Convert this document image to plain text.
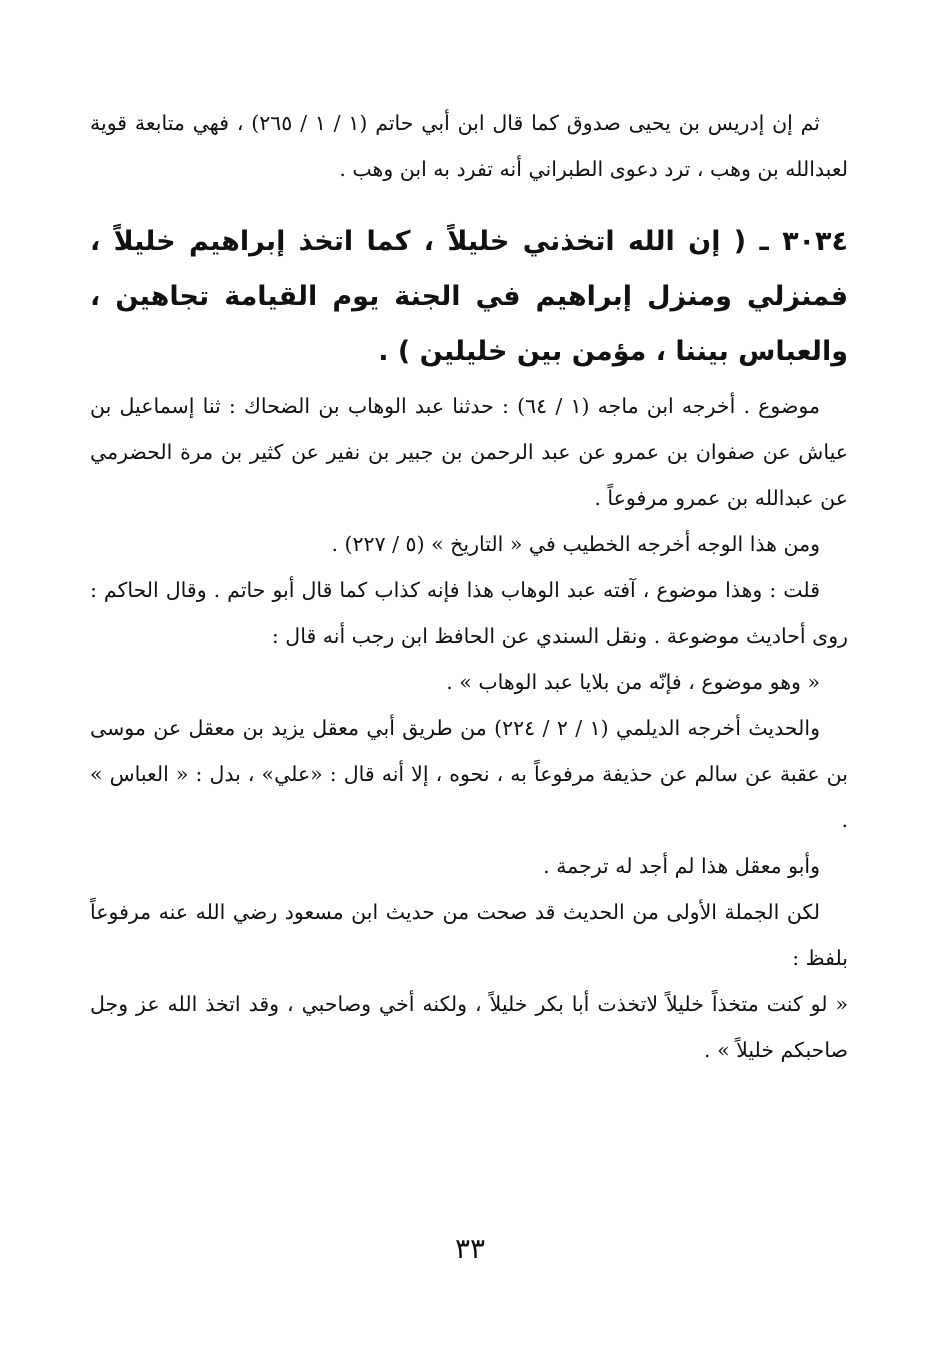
ثم إن إدريس بن يحيى صدوق كما قال ابن أبي حاتم (١ / ١ / ٢٦٥) ، فهي متابعة قوية لعبدالله بن وهب ، ترد دعوى الطبراني أنه تفرد به ابن وهب .

٣٠٣٤ ـ ( إن الله اتخذني خليلاً ، كما اتخذ إبراهيم خليلاً ، فمنزلي ومنزل إبراهيم في الجنة يوم القيامة تجاهين ، والعباس بيننا ، مؤمن بين خليلين ) .

موضوع . أخرجه ابن ماجه (١ / ٦٤) : حدثنا عبد الوهاب بن الضحاك : ثنا إسماعيل بن عياش عن صفوان بن عمرو عن عبد الرحمن بن جبير بن نفير عن كثير بن مرة الحضرمي عن عبدالله بن عمرو مرفوعاً .

ومن هذا الوجه أخرجه الخطيب في « التاريخ » (٥ / ٢٢٧) .

قلت : وهذا موضوع ، آفته عبد الوهاب هذا فإنه كذاب كما قال أبو حاتم . وقال الحاكم : روى أحاديث موضوعة . ونقل السندي عن الحافظ ابن رجب أنه قال :

« وهو موضوع ، فإنّه من بلايا عبد الوهاب » .

والحديث أخرجه الديلمي (١ / ٢ / ٢٢٤) من طريق أبي معقل يزيد بن معقل عن موسى بن عقبة عن سالم عن حذيفة مرفوعاً به ، نحوه ، إلا أنه قال : «علي» ، بدل : « العباس » .

وأبو معقل هذا لم أجد له ترجمة .

لكن الجملة الأولى من الحديث قد صحت من حديث ابن مسعود رضي الله عنه مرفوعاً بلفظ :

« لو كنت متخذاً خليلاً لاتخذت أبا بكر خليلاً ، ولكنه أخي وصاحبي ، وقد اتخذ الله عز وجل صاحبكم خليلاً » .

٣٣
